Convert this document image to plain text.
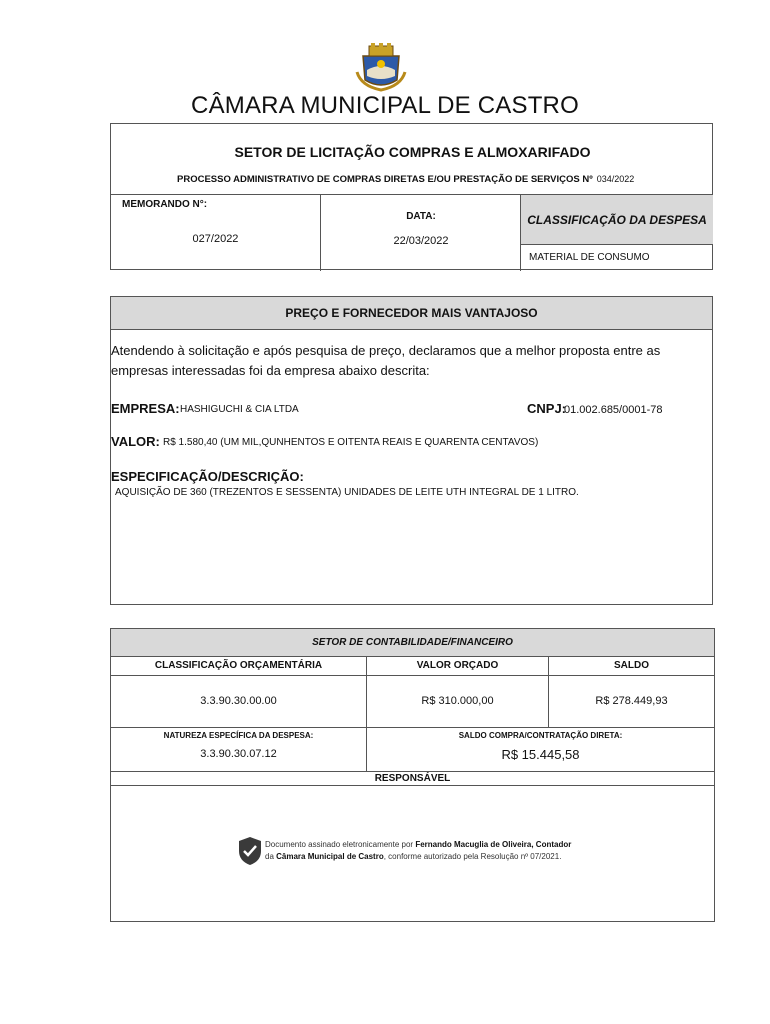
CÂMARA MUNICIPAL DE CASTRO
SETOR DE LICITAÇÃO COMPRAS E ALMOXARIFADO
PROCESSO ADMINISTRATIVO DE COMPRAS DIRETAS E/OU PRESTAÇÃO DE SERVIÇOS Nº 034/2022
MEMORANDO N°:
027/2022
DATA:
22/03/2022
CLASSIFICAÇÃO DA DESPESA
MATERIAL DE CONSUMO
PREÇO E FORNECEDOR MAIS VANTAJOSO
Atendendo à solicitação e após pesquisa de preço, declaramos que a melhor proposta entre as empresas interessadas foi da empresa abaixo descrita:
EMPRESA: HASHIGUCHI & CIA LTDA	CNPJ:
01.002.685/0001-78
VALOR: R$ 1.580,40 (UM MIL,QUNHENTOS E OITENTA REAIS E QUARENTA CENTAVOS)
ESPECIFICAÇÃO/DESCRIÇÃO:
AQUISIÇÃO DE 360 (TREZENTOS E SESSENTA) UNIDADES DE LEITE UTH INTEGRAL DE 1 LITRO.
SETOR DE CONTABILIDADE/FINANCEIRO
CLASSIFICAÇÃO ORÇAMENTÁRIA	VALOR ORÇADO	SALDO
3.3.90.30.00.00	R$ 310.000,00	R$ 278.449,93
NATUREZA ESPECÍFICA DA DESPESA:
3.3.90.30.07.12
SALDO COMPRA/CONTRATAÇÃO DIRETA:
R$ 15.445,58
RESPONSÁVEL
Documento assinado eletronicamente por Fernando Macuglia de Oliveira, Contador
da Câmara Municipal de Castro, conforme autorizado pela Resolução nº 07/2021.
